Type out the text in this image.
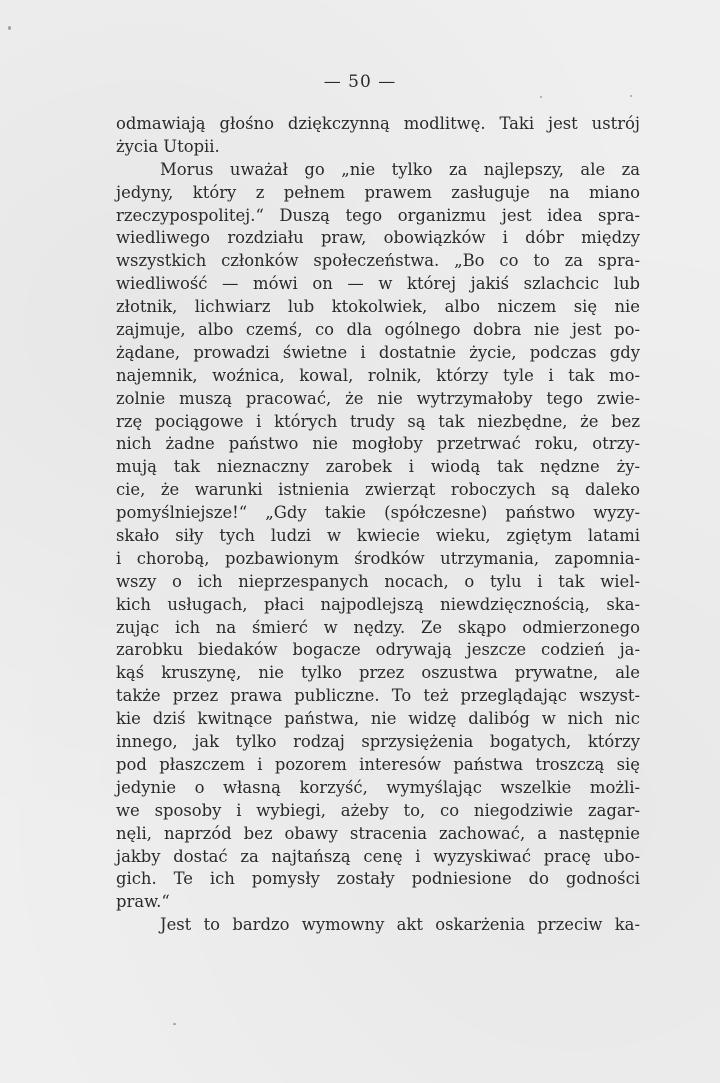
— 50 —
odmawiają głośno dziękczynną modlitwę. Taki jest ustrój
życia Utopii.
Morus uważał go „nie tylko za najlepszy, ale za
jedyny, który z pełnem prawem zasługuje na miano
rzeczypospolitej.“ Duszą tego organizmu jest idea spra-
wiedliwego rozdziału praw, obowiązków i dóbr między
wszystkich członków społeczeństwa. „Bo co to za spra-
wiedliwość — mówi on — w której jakiś szlachcic lub
złotnik, lichwiarz lub ktokolwiek, albo niczem się nie
zajmuje, albo czemś, co dla ogólnego dobra nie jest po-
żądane, prowadzi świetne i dostatnie życie, podczas gdy
najemnik, woźnica, kowal, rolnik, którzy tyle i tak mo-
zolnie muszą pracować, że nie wytrzymałoby tego zwie-
rzę pociągowe i których trudy są tak niezbędne, że bez
nich żadne państwo nie mogłoby przetrwać roku, otrzy-
mują tak nieznaczny zarobek i wiodą tak nędzne ży-
cie, że warunki istnienia zwierząt roboczych są daleko
pomyślniejsze!“ „Gdy takie (spółczesne) państwo wyzy-
skało siły tych ludzi w kwiecie wieku, zgiętym latami
i chorobą, pozbawionym środków utrzymania, zapomnia-
wszy o ich nieprzespanych nocach, o tylu i tak wiel-
kich usługach, płaci najpodlejszą niewdzięcznością, ska-
zując ich na śmierć w nędzy. Ze skąpo odmierzonego
zarobku biedaków bogacze odrywają jeszcze codzień ja-
kąś kruszynę, nie tylko przez oszustwa prywatne, ale
także przez prawa publiczne. To też przeglądając wszyst-
kie dziś kwitnące państwa, nie widzę dalibóg w nich nic
innego, jak tylko rodzaj sprzysiężenia bogatych, którzy
pod płaszczem i pozorem interesów państwa troszczą się
jedynie o własną korzyść, wymyślając wszelkie możli-
we sposoby i wybiegi, ażeby to, co niegodziwie zagar-
nęli, naprzód bez obawy stracenia zachować, a następnie
jakby dostać za najtańszą cenę i wyzyskiwać pracę ubo-
gich. Te ich pomysły zostały podniesione do godności
praw.“
Jest to bardzo wymowny akt oskarżenia przeciw ka-
